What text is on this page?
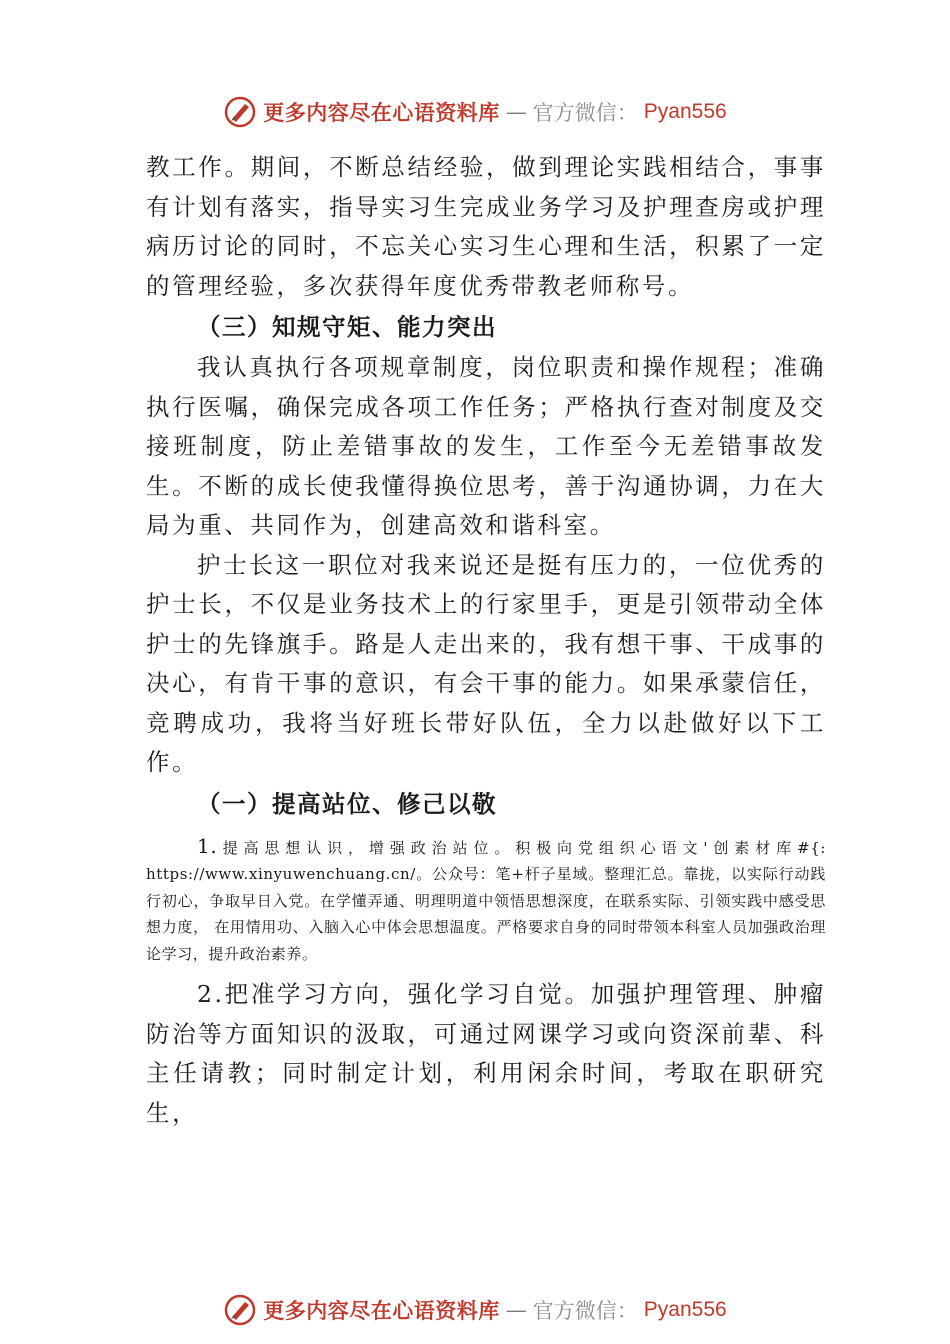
更多内容尽在心语资料库 — 官方微信： Pyan556

教工作。期间，不断总结经验，做到理论实践相结合，事事有计划有落实，指导实习生完成业务学习及护理查房或护理病历讨论的同时，不忘关心实习生心理和生活，积累了一定的管理经验，多次获得年度优秀带教老师称号。

（三）知规守矩、能力突出

我认真执行各项规章制度，岗位职责和操作规程；准确执行医嘱，确保完成各项工作任务；严格执行查对制度及交接班制度，防止差错事故的发生，工作至今无差错事故发生。不断的成长使我懂得换位思考，善于沟通协调，力在大局为重、共同作为，创建高效和谐科室。

护士长这一职位对我来说还是挺有压力的，一位优秀的护士长，不仅是业务技术上的行家里手，更是引领带动全体护士的先锋旗手。路是人走出来的，我有想干事、干成事的决心，有肯干事的意识，有会干事的能力。如果承蒙信任，竞聘成功，我将当好班长带好队伍，全力以赴做好以下工作。

（一）提高站位、修己以敬

1.提高思想认识，增强政治站位。积极向党组织心语文'创素材库#{: https://www.xinyuwenchuang.cn/。公众号：笔+杆子星域。整理汇总。靠拢，以实际行动践行初心，争取早日入党。在学懂弄通、明理明道中领悟思想深度，在联系实际、引领实践中感受思想力度， 在用情用功、入脑入心中体会思想温度。严格要求自身的同时带领本科室人员加强政治理论学习，提升政治素养。

2.把准学习方向，强化学习自觉。加强护理管理、肿瘤防治等方面知识的汲取，可通过网课学习或向资深前辈、科主任请教；同时制定计划，利用闲余时间，考取在职研究生，

更多内容尽在心语资料库 — 官方微信： Pyan556
